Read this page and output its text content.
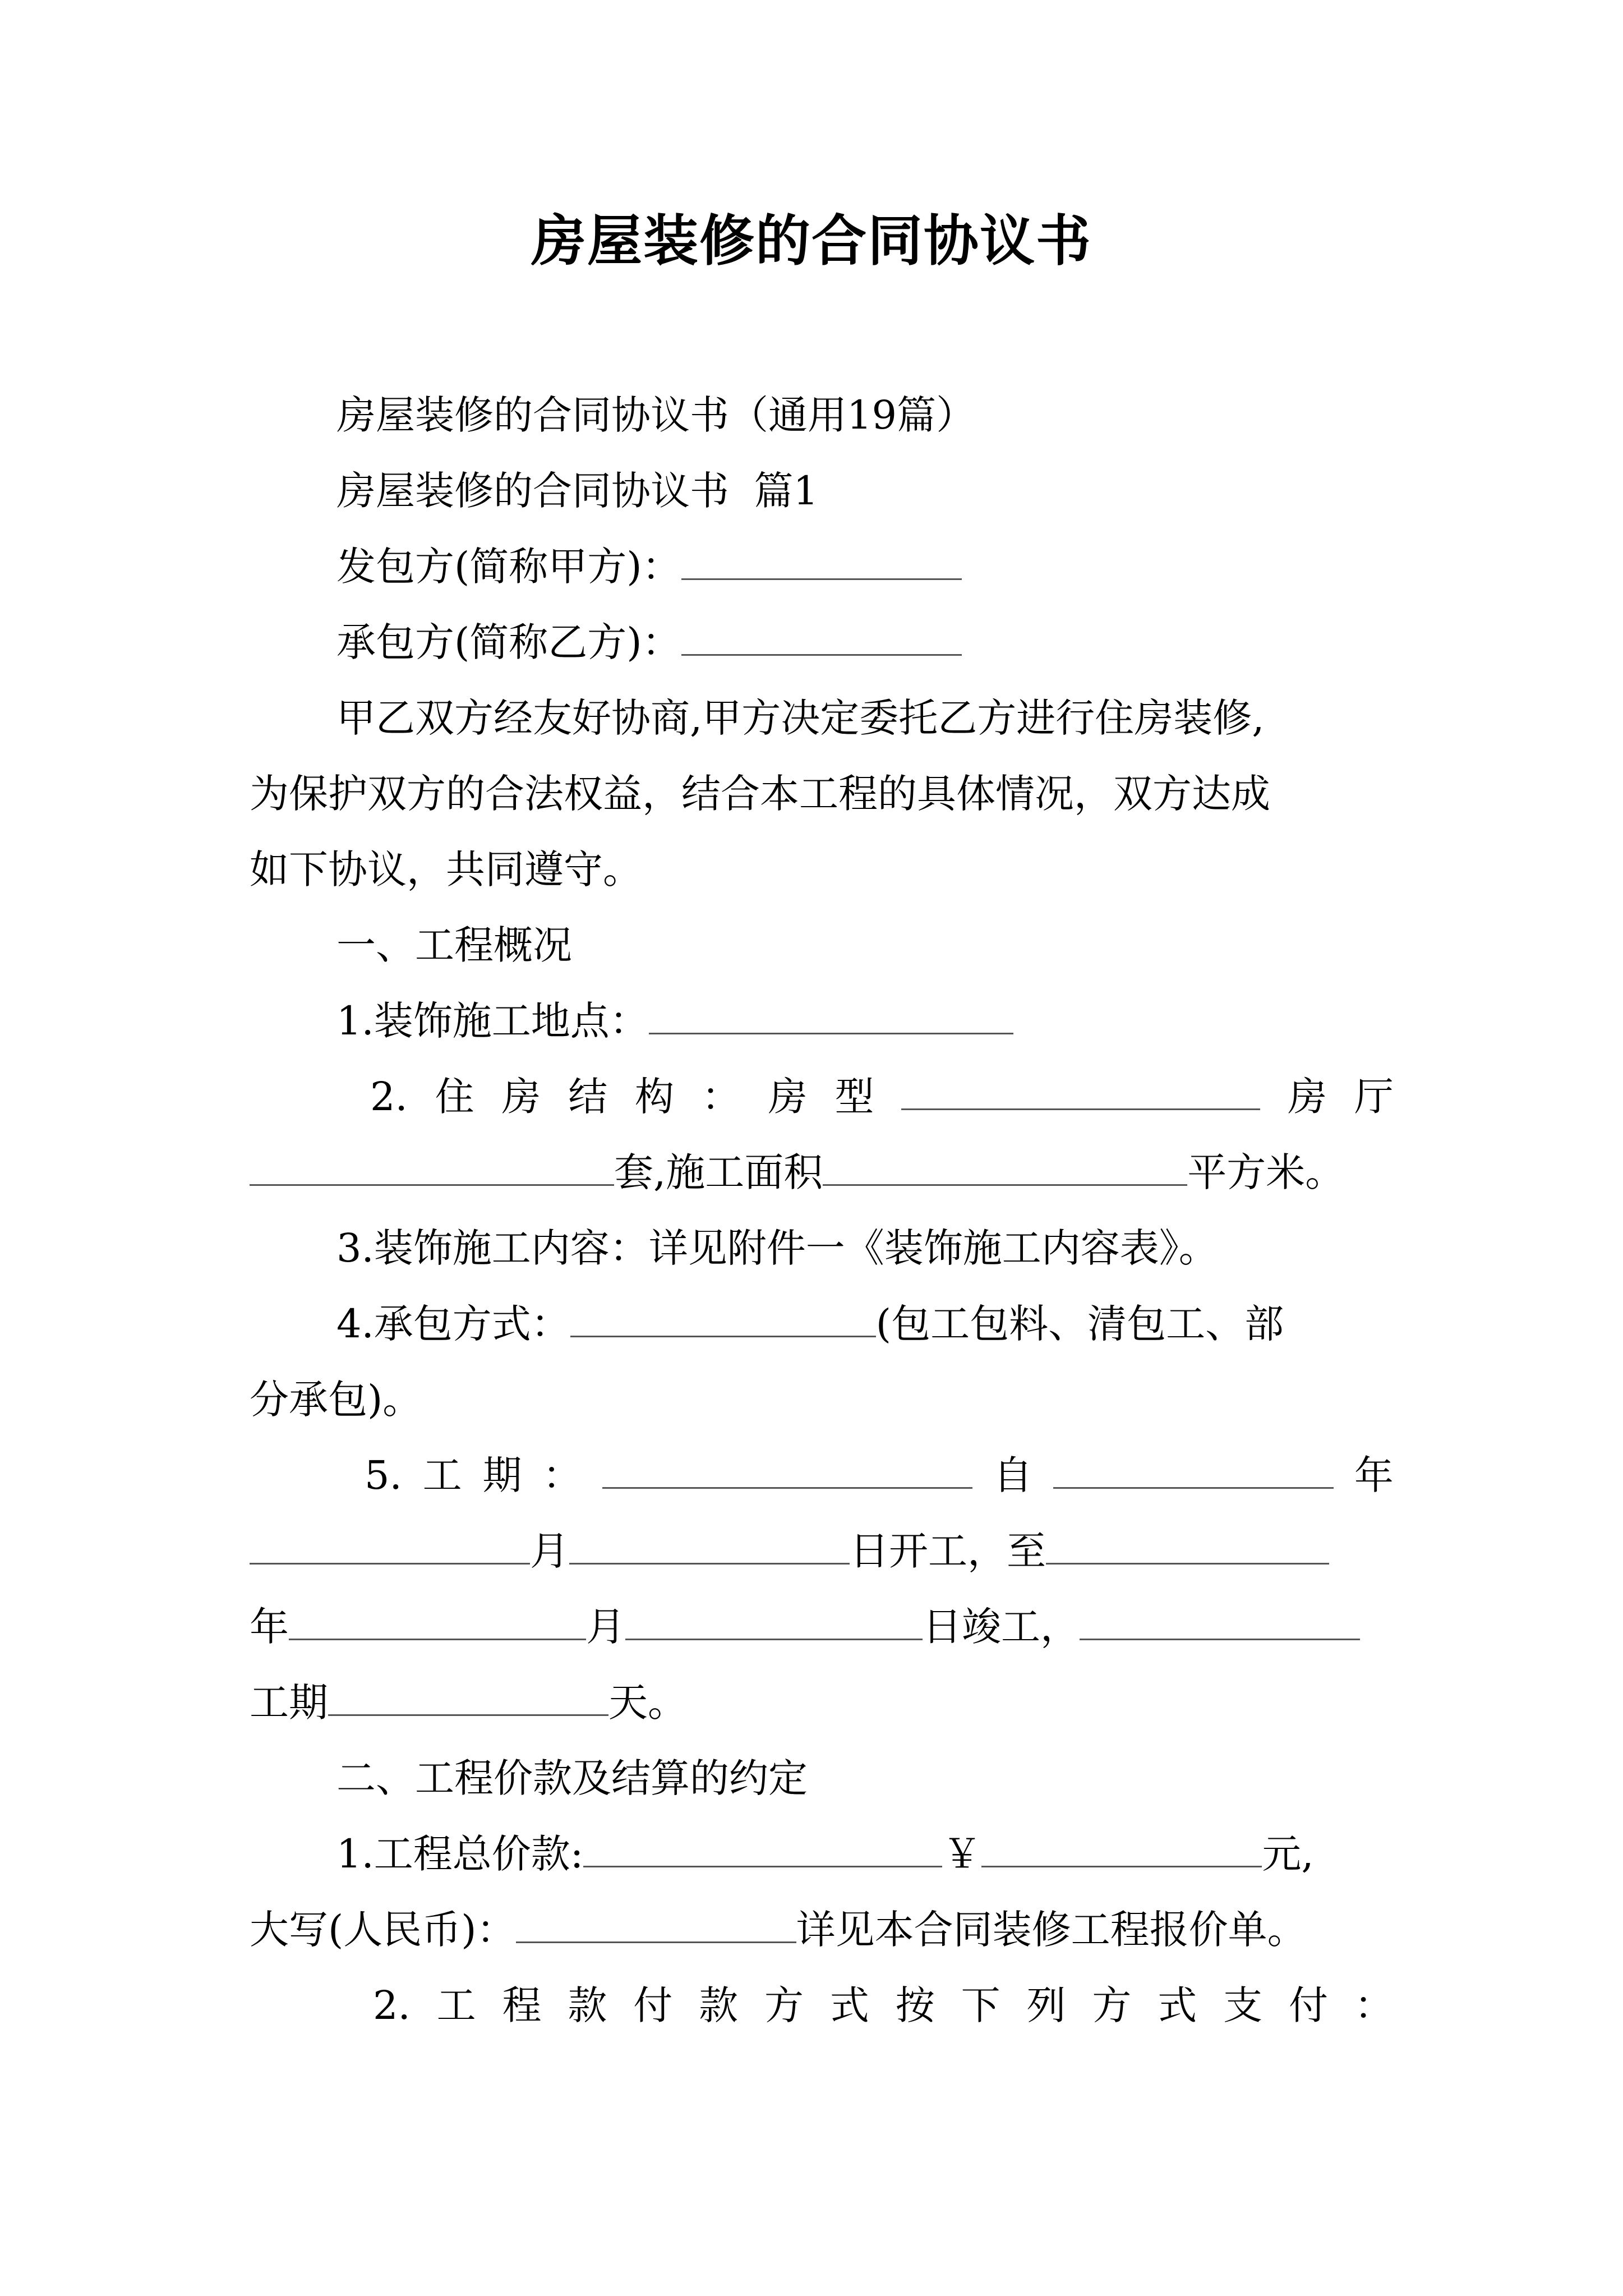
房屋装修的合同协议书
房屋装修的合同协议书（通用19篇）
房屋装修的合同协议书  篇1
发包方(简称甲方)：
承包方(简称乙方)：
甲乙双方经友好协商,甲方决定委托乙方进行住房装修,
为保护双方的合法权益，结合本工程的具体情况，双方达成
如下协议，共同遵守。
一、工程概况
1.装饰施工地点：
2. 住 房 结 构 ： 房 型	房 厅
套,施工面积	平方米。
3.装饰施工内容：详见附件一《装饰施工内容表》。
4.承包方式：	(包工包料、清包工、部
分承包)。
5. 工 期 ：	自	年
月	日开工，至
年	月	日竣工，
工期	天。
二、工程价款及结算的约定
1.工程总价款:	￥	元,
大写(人民币)：	详见本合同装修工程报价单。
2. 工 程 款 付 款 方 式 按 下 列 方 式 支 付 ：
